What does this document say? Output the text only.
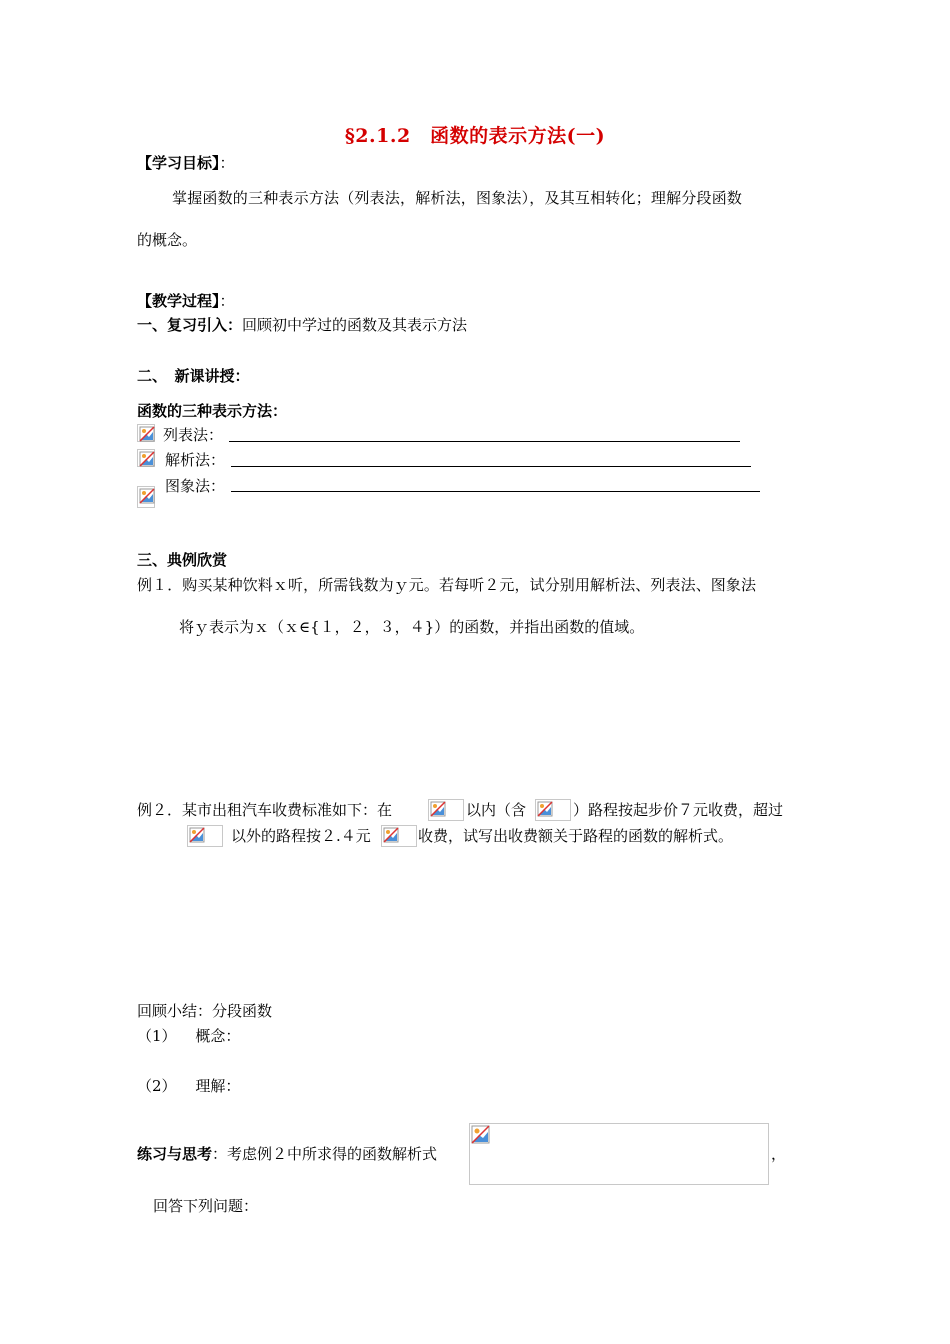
§2.1.2　函数的表示方法(一)
【学习目标】：
掌握函数的三种表示方法（列表法，解析法，图象法），及其互相转化；理解分段函数
的概念。
【教学过程】：
一、复习引入：回顾初中学过的函数及其表示方法
二、　新课讲授：
函数的三种表示方法：
列表法：
解析法：
图象法：
三、典例欣赏
例１．购买某种饮料ｘ听，所需钱数为ｙ元。若每听２元，试分别用解析法、列表法、图象法
将ｙ表示为ｘ（ｘ∈{１，２，３，４}）的函数，并指出函数的值域。
例２．某市出租汽车收费标准如下：在	以内（含	）路程按起步价７元收费，超过
以外的路程按２.４元	收费，试写出收费额关于路程的函数的解析式。
回顾小结：分段函数
（1） 概念：
（2） 理解：
练习与思考：考虑例２中所求得的函数解析式	，
回答下列问题：
